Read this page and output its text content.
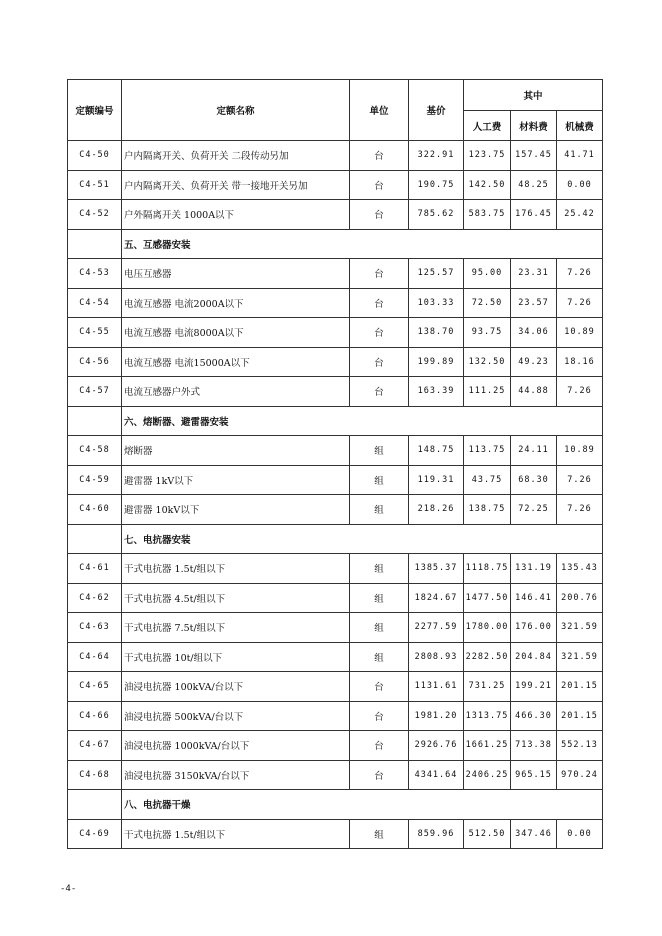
定额编号	定额名称	单位	基价	其中		
				人工费	材料费	机械费
C4-50	户内隔离开关、负荷开关 二段传动另加	台	322.91	123.75	157.45	41.71
C4-51	户内隔离开关、负荷开关 带一接地开关另加	台	190.75	142.50	48.25	0.00
C4-52	户外隔离开关 1000A以下	台	785.62	583.75	176.45	25.42
	五、互感器安装					
C4-53	电压互感器	台	125.57	95.00	23.31	7.26
C4-54	电流互感器 电流2000A以下	台	103.33	72.50	23.57	7.26
C4-55	电流互感器 电流8000A以下	台	138.70	93.75	34.06	10.89
C4-56	电流互感器 电流15000A以下	台	199.89	132.50	49.23	18.16
C4-57	电流互感器户外式	台	163.39	111.25	44.88	7.26
	六、熔断器、避雷器安装					
C4-58	熔断器	组	148.75	113.75	24.11	10.89
C4-59	避雷器 1kV以下	组	119.31	43.75	68.30	7.26
C4-60	避雷器 10kV以下	组	218.26	138.75	72.25	7.26
	七、电抗器安装					
C4-61	干式电抗器 1.5t/组以下	组	1385.37	1118.75	131.19	135.43
C4-62	干式电抗器 4.5t/组以下	组	1824.67	1477.50	146.41	200.76
C4-63	干式电抗器 7.5t/组以下	组	2277.59	1780.00	176.00	321.59
C4-64	干式电抗器 10t/组以下	组	2808.93	2282.50	204.84	321.59
C4-65	油浸电抗器 100kVA/台以下	台	1131.61	731.25	199.21	201.15
C4-66	油浸电抗器 500kVA/台以下	台	1981.20	1313.75	466.30	201.15
C4-67	油浸电抗器 1000kVA/台以下	台	2926.76	1661.25	713.38	552.13
C4-68	油浸电抗器 3150kVA/台以下	台	4341.64	2406.25	965.15	970.24
	八、电抗器干燥					
C4-69	干式电抗器 1.5t/组以下	组	859.96	512.50	347.46	0.00
-4-
